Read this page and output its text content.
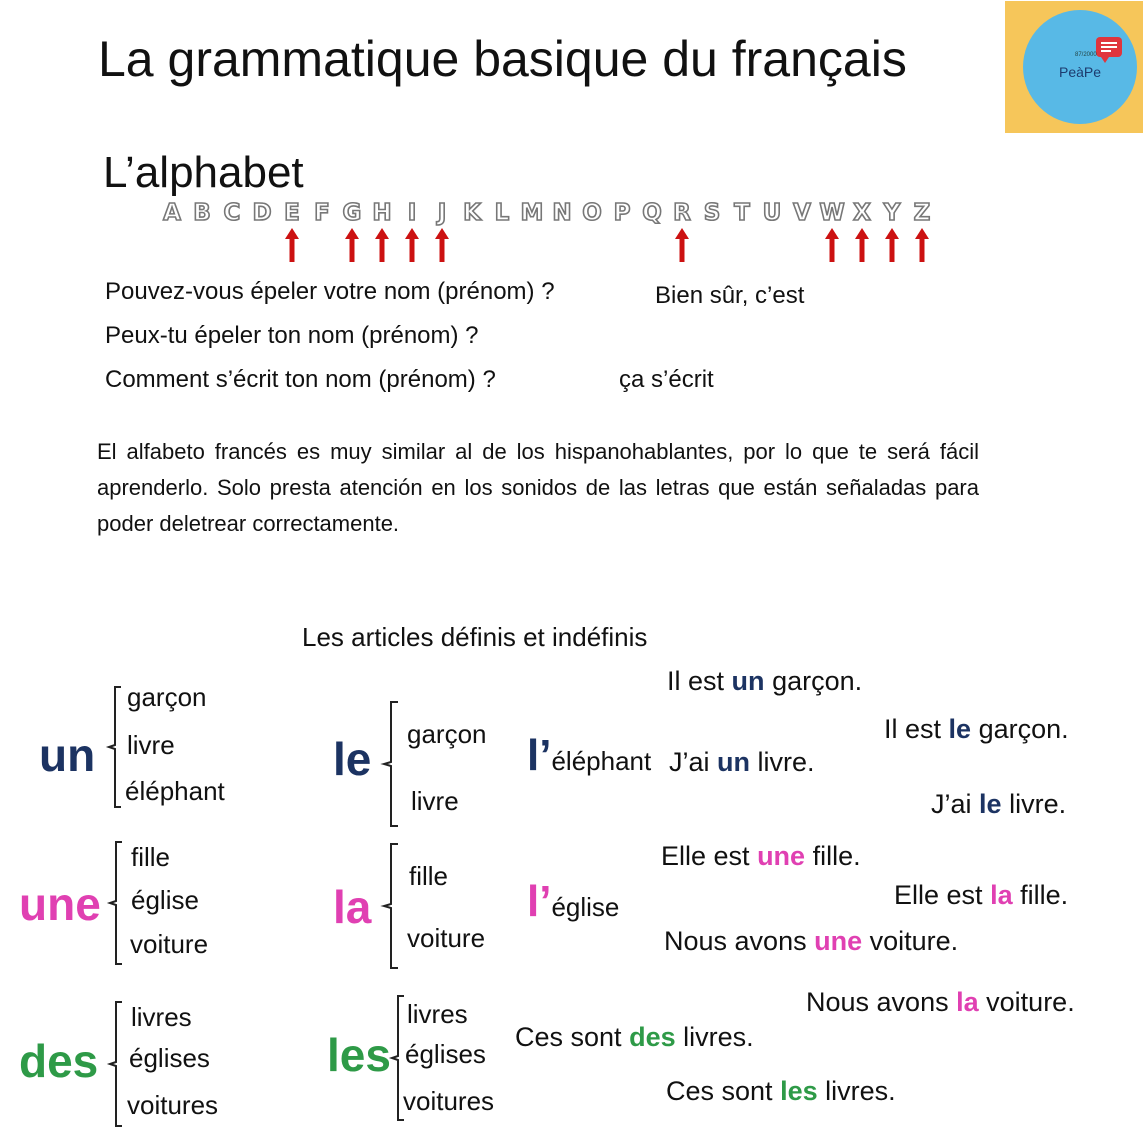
La grammatique basique du français	87/2000
PeàPe
L’alphabet
A B C D E F G H I J K L M N O P Q R S T U V W X Y Z
Pouvez-vous épeler votre nom (prénom) ?
Peux-tu épeler ton nom (prénom) ?
Comment s’écrit ton nom (prénom) ?
Bien sûr, c’est
ça s’écrit
El alfabeto francés es muy similar al de los hispanohablantes, por lo que te será fácil aprenderlo. Solo presta atención en los sonidos de las letras que están señaladas para poder deletrear correctamente.
Les articles définis et indéfinis
un
garçon
livre
éléphant
une
fille
église
voiture
des
livres
églises
voitures
le garçon
livre
la
fille
voiture
les
livres
églises
voitures
l’éléphant
l’église
Il est un garçon.
Il est le garçon.
J’ai un livre.
J’ai le livre.
Elle est une fille.
Elle est la fille.
Nous avons une voiture.
Nous avons la voiture.
Ces sont des livres.
Ces sont les livres.
